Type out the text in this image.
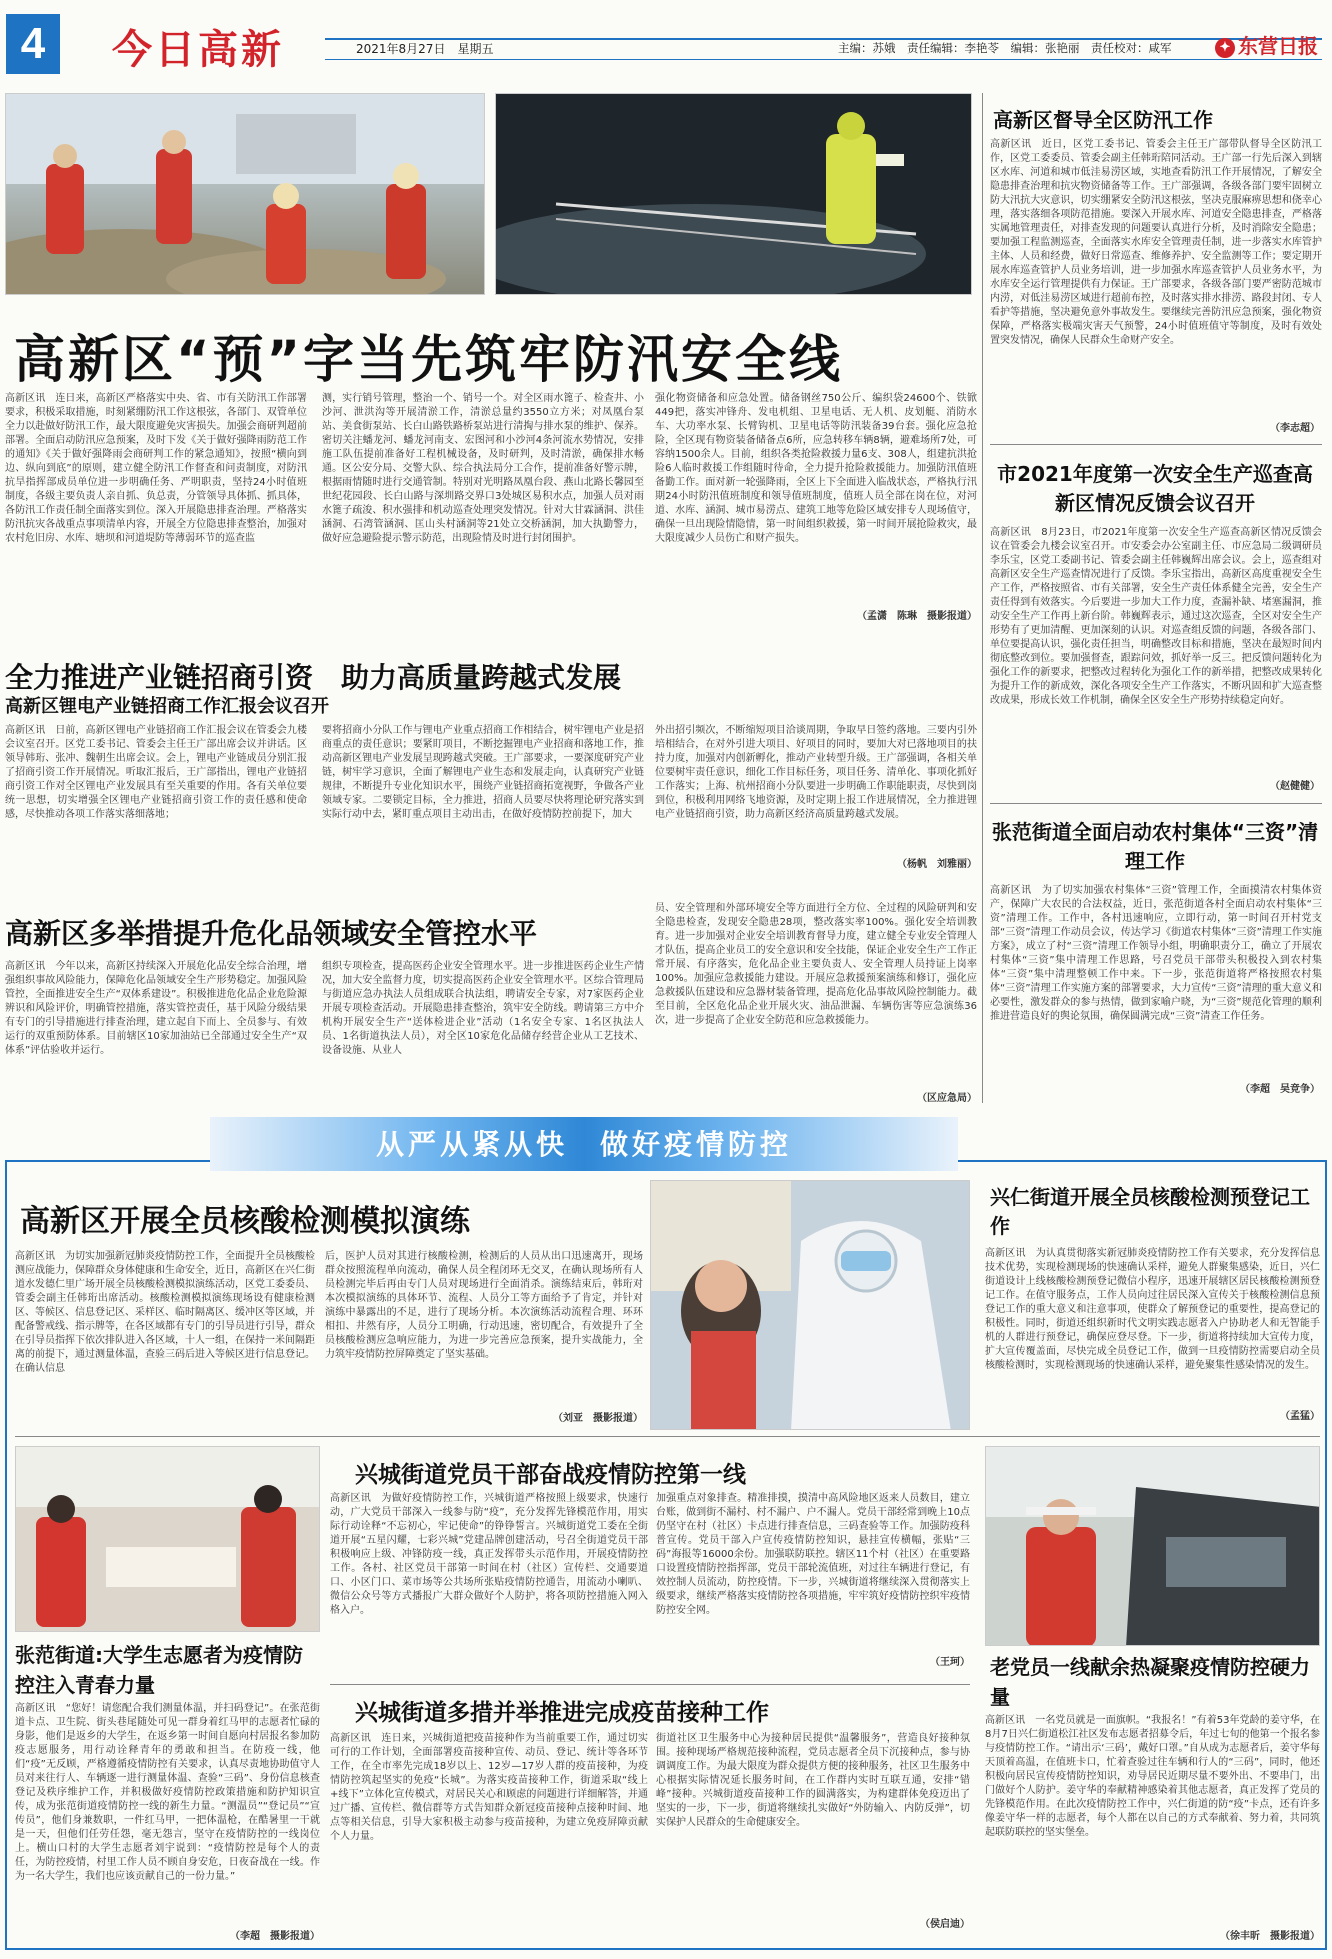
4	今日高新	2021年8月27日　星期五	主编：苏娥　责任编辑：李艳苓　编辑：张艳丽　责任校对：咸军	✦ 东营日报
高新区“预”字当先筑牢防汛安全线
高新区讯　连日来，高新区严格落实中央、省、市有关防汛工作部署要求，积极采取措施，时刻紧绷防汛工作这根弦，各部门、双管单位全力以赴做好防汛工作，最大限度避免灾害损失。加强会商研判超前部署。全面启动防汛应急预案，及时下发《关于做好强降雨防范工作的通知》《关于做好强降雨会商研判工作的紧急通知》，按照“横向到边、纵向到底”的原则，建立健全防汛工作督查和问责制度，对防汛抗旱指挥部成员单位进一步明确任务、严明职责，坚持24小时值班制度，各级主要负责人亲自抓、负总责，分管领导具体抓、抓具体，各防汛工作责任制全面落实到位。深入开展隐患排查治理。严格落实防汛抗灾各战重点事项清单内容，开展全方位隐患排查整治，加强对农村危旧房、水库、塘坝和河道堤防等薄弱环节的巡查监
测，实行销号管理，整治一个、销号一个。对全区雨水篦子、检查井、小沙河、泄洪沟等开展清淤工作，清淤总量约3550立方米；对凤凰台泵站、美食街泵站、长白山路铁路桥泵站进行清掏与排水泵的维护、保养。密切关注蟠龙河、蟠龙河南支、宏图河和小沙河4条河流水势情况，安排施工队伍提前准备好工程机械设备，及时研判，及时清淤，确保排水畅通。区公安分局、交警大队、综合执法局分工合作，提前准备好警示牌，根据雨情随时进行交通管制。特别对光明路凤凰台段、燕山北路长馨园至世纪花园段、长白山路与深圳路交界口3处城区易积水点，加强人员对雨水篦子疏浚、积水强排和机动巡查处理突发情况。针对大甘霖涵洞、洪佳涵洞、石湾管涵洞、匡山头村涵洞等21处立交桥涵洞，加大执勤警力，做好应急避险提示警示防范，出现险情及时进行封闭围护。
强化物资储备和应急处置。储备钢丝750公斤、编织袋24600个、铁锨449把，落实冲锋舟、发电机组、卫星电话、无人机、皮划艇、消防水车、大功率水泵、长臂钩机、卫星电话等防汛装备39台套。强化应急抢险，全区现有物资装备储备点6所，应急转移车辆8辆，避难场所7处，可容纳1500余人。目前，组织各类抢险救援力量6支、308人，组建抗洪抢险6人临时救援工作组随时待命，全力提升抢险救援能力。加强防汛值班备勤工作。面对新一轮强降雨，全区上下全面进入临战状态，严格执行汛期24小时防汛值班制度和领导值班制度，值班人员全部在岗在位，对河道、水库、涵洞、城市易涝点、建筑工地等危险区域安排专人现场值守，确保一旦出现险情隐情，第一时间组织救援，第一时间开展抢险救灾，最大限度减少人员伤亡和财产损失。
（孟潇　陈琳　摄影报道）
全力推进产业链招商引资　助力高质量跨越式发展
高新区锂电产业链招商工作汇报会议召开
高新区讯　日前，高新区锂电产业链招商工作汇报会议在管委会九楼会议室召开。区党工委书记、管委会主任王广部出席会议并讲话。区领导韩珩、张冲、魏朝生出席会议。会上，锂电产业链成员分别汇报了招商引资工作开展情况。听取汇报后，王广部指出，锂电产业链招商引资工作对全区锂电产业发展具有至关重要的作用。各有关单位要统一思想，切实增强全区锂电产业链招商引资工作的责任感和使命感，尽快推动各项工作落实落细落地；
要将招商小分队工作与锂电产业重点招商工作相结合，树牢锂电产业是招商重点的责任意识；要紧盯项目，不断挖掘锂电产业招商和落地工作，推动高新区锂电产业发展呈现跨越式突破。王广部要求，一要深度研究产业链，树牢学习意识，全面了解锂电产业生态和发展走向，认真研究产业链规律，不断提升专业化知识水平，围绕产业链招商拓宽视野，争做各产业领域专家。二要锁定目标，全力推进，招商人员要尽快将理论研究落实到实际行动中去，紧盯重点项目主动出击，在做好疫情防控前提下，加大
外出招引频次，不断缩短项目洽谈周期，争取早日签约落地。三要内引外培相结合，在对外引进大项目、好项目的同时，要加大对已落地项目的扶持力度，加强对内创新孵化，推动产业转型升级。王广部强调，各相关单位要树牢责任意识，细化工作目标任务，项目任务、清单化、事项化抓好工作落实；上海、杭州招商小分队要进一步明确工作职能职责，尽快到岗到位，积极利用网络飞地资源，及时定期上报工作进展情况，全力推进锂电产业链招商引资，助力高新区经济高质量跨越式发展。
（杨帆　刘雅丽）
高新区多举措提升危化品领域安全管控水平
高新区讯　今年以来，高新区持续深入开展危化品安全综合治理，增强组织事故风险能力，保障危化品领域安全生产形势稳定。加强风险管控，全面推进安全生产“双体系建设”。积极推进危化品企业危险源辨识和风险评价，明确管控措施，落实管控责任，基于风险分级结果有专门的引导措施进行排查治理，建立起自下而上、全员参与、有效运行的双重预防体系。目前辖区10家加油站已全部通过安全生产“双体系”评估验收并运行。
组织专项检查，提高医药企业安全管理水平。进一步推进医药企业生产情况，加大安全监督力度，切实提高医药企业安全管理水平。区综合管理局与街道应急办执法人员组成联合执法组，聘请安全专家，对7家医药企业开展专项检查活动。开展隐患排查整治，筑牢安全防线。聘请第三方中介机构开展安全生产“送体检进企业”活动（1名安全专家、1名区执法人员、1名街道执法人员），对全区10家危化品储存经营企业从工艺技术、设备设施、从业人
员、安全管理和外部环境安全等方面进行全方位、全过程的风险研判和安全隐患检查，发现安全隐患28项，整改落实率100%。强化安全培训教育。进一步加强对企业安全培训教育督导力度，建立健全专业安全管理人才队伍，提高企业员工的安全意识和安全技能，保证企业安全生产工作正常开展、有序落实，危化品企业主要负责人、安全管理人员持证上岗率100%。加强应急救援能力建设。开展应急救援预案演练和修订，强化应急救援队伍建设和应急器材装备管理，提高危化品事故风险控制能力。截至目前，全区危化品企业开展火灾、油品泄漏、车辆伤害等应急演练36次，进一步提高了企业安全防范和应急救援能力。
（区应急局）
高新区督导全区防汛工作
高新区讯　近日，区党工委书记、管委会主任王广部带队督导全区防汛工作，区党工委委员、管委会副主任韩珩陪同活动。王广部一行先后深入到辖区水库、河道和城市低洼易涝区域，实地查看防汛工作开展情况，了解安全隐患排查治理和抗灾物资储备等工作。王广部强调，各级各部门要牢固树立防大汛抗大灾意识，切实绷紧安全防汛这根弦，坚决克服麻痹思想和侥幸心理，落实落细各项防范措施。要深入开展水库、河道安全隐患排查，严格落实属地管理责任，对排查发现的问题要认真进行分析，及时消除安全隐患；要加强工程监测巡查，全面落实水库安全管理责任制，进一步落实水库管护主体、人员和经费，做好日常巡查、维修养护、安全监测等工作；要定期开展水库巡查管护人员业务培训，进一步加强水库巡查管护人员业务水平，为水库安全运行管理提供有力保证。王广部要求，各级各部门要严密防范城市内涝，对低洼易涝区域进行超前布控，及时落实排水排涝、路段封闭、专人看护等措施，坚决避免意外事故发生。要继续完善防汛应急预案，强化物资保障，严格落实极端灾害天气预警，24小时值班值守等制度，及时有效处置突发情况，确保人民群众生命财产安全。
（李志超）
市2021年度第一次安全生产巡查高新区情况反馈会议召开
高新区讯　8月23日，市2021年度第一次安全生产巡查高新区情况反馈会议在管委会九楼会议室召开。市安委会办公室副主任、市应急局二级调研员李乐宝，区党工委副书记、管委会副主任韩巍辉出席会议。会上，巡查组对高新区安全生产巡查情况进行了反馈。李乐宝指出，高新区高度重视安全生产工作，严格按照省、市有关部署，安全生产责任体系健全完善，安全生产责任得到有效落实。今后要进一步加大工作力度，查漏补缺、堵塞漏洞，推动安全生产工作再上新台阶。韩巍辉表示，通过这次巡查，全区对安全生产形势有了更加清醒、更加深刻的认识。对巡查组反馈的问题，各级各部门、单位要提高认识，强化责任担当，明确整改目标和措施，坚决在最短时间内彻底整改到位。要加强督查，跟踪问效，抓好举一反三。把反馈问题转化为强化工作的新要求，把整改过程转化为强化工作的新举措，把整改成果转化为提升工作的新成效，深化各项安全生产工作落实，不断巩固和扩大巡查整改成果，形成长效工作机制，确保全区安全生产形势持续稳定向好。
（赵健健）
张范街道全面启动农村集体“三资”清理工作
高新区讯　为了切实加强农村集体“三资”管理工作，全面摸清农村集体资产，保障广大农民的合法权益，近日，张范街道各村全面启动农村集体“三资”清理工作。工作中，各村迅速响应，立即行动，第一时间召开村党支部“三资”清理工作动员会议，传达学习《街道农村集体“三资”清理工作实施方案》，成立了村“三资”清理工作领导小组，明确职责分工，确立了开展农村集体“三资”集中清理工作思路，号召党员干部带头积极投入到农村集体“三资”集中清理整顿工作中来。下一步，张范街道将严格按照农村集体“三资”清理工作实施方案的部署要求，大力宣传“三资”清理的重大意义和必要性，激发群众的参与热情，做到家喻户晓，为“三资”规范化管理的顺利推进营造良好的舆论氛围，确保圆满完成“三资”清查工作任务。
（李超　吴竞争）
从严从紧从快　做好疫情防控
高新区开展全员核酸检测模拟演练
高新区讯　为切实加强新冠肺炎疫情防控工作，全面提升全员核酸检测应战能力，保障群众身体健康和生命安全，近日，高新区在兴仁街道水发德仁里广场开展全员核酸检测模拟演练活动，区党工委委员、管委会副主任韩珩出席活动。核酸检测模拟演练现场设有健康检测区、等候区、信息登记区、采样区、临时隔离区、缓冲区等区域，并配备警戒线、指示牌等，在各区域都有专门的引导员进行引导，群众在引导员指挥下依次排队进入各区域，十人一组，在保持一米间隔距离的前提下，通过测量体温，查验三码后进入等候区进行信息登记。在确认信息
后，医护人员对其进行核酸检测，检测后的人员从出口迅速离开，现场群众按照流程单向流动，确保人员全程闭环无交叉，在确认现场所有人员检测完毕后再由专门人员对现场进行全面消杀。演练结束后，韩珩对本次模拟演练的具体环节、流程、人员分工等方面给予了肯定，并针对演练中暴露出的不足，进行了现场分析。本次演练活动流程合理、环环相扣、井然有序，人员分工明确，行动迅速，密切配合，有效提升了全员核酸检测应急响应能力，为进一步完善应急预案，提升实战能力，全力筑牢疫情防控屏障奠定了坚实基础。
（刘亚　摄影报道）
兴仁街道开展全员核酸检测预登记工作
高新区讯　为认真贯彻落实新冠肺炎疫情防控工作有关要求，充分发挥信息技术优势，实现检测现场的快速确认采样，避免人群聚集感染，近日，兴仁街道设计上线核酸检测预登记微信小程序，迅速开展辖区居民核酸检测预登记工作。在值守服务点，工作人员向过往居民深入宣传关于核酸检测信息预登记工作的重大意义和注意事项，使群众了解预登记的重要性，提高登记的积极性。同时，街道还组织新时代文明实践志愿者入户协助老人和无智能手机的人群进行预登记，确保应登尽登。下一步，街道将持续加大宣传力度，扩大宣传覆盖面，尽快完成全员登记工作，做到一旦疫情防控需要启动全员核酸检测时，实现检测现场的快速确认采样，避免聚集性感染情况的发生。
（孟猛）
张范街道:大学生志愿者为疫情防控注入青春力量
高新区讯　“您好！请您配合我们测量体温，并扫码登记”。在张范街道卡点、卫生院、街头巷尾随处可见一群身着红马甲的志愿者忙碌的身影，他们是返乡的大学生，在返乡第一时间自愿向村居报名参加防疫志愿服务，用行动诠释青年的勇敢和担当。在防疫一线，他们“疫”无反顾，严格遵循疫情防控有关要求，认真尽责地协助值守人员对来往行人、车辆逐一进行测量体温、查验“三码”、身份信息核查登记及秩序维护工作，并积极做好疫情防控政策措施和防护知识宣传，成为张范街道疫情防控一线的新生力量。“测温员”“登记员”“宣传员”，他们身兼数职，一件红马甲，一把体温枪，在酷暑里一干就是一天，但他们任劳任怨，毫无怨言，坚守在疫情防控的一线岗位上。横山口村的大学生志愿者刘宇说到：“疫情防控是每个人的责任，为防控疫情，村里工作人员不顾自身安危，日夜奋战在一线。作为一名大学生，我们也应该贡献自己的一份力量。”
（李超　摄影报道）
兴城街道党员干部奋战疫情防控第一线
高新区讯　为做好疫情防控工作，兴城街道严格按照上级要求，快速行动，广大党员干部深入一线参与防“疫”，充分发挥先锋模范作用，用实际行动诠释“不忘初心，牢记使命”的铮铮誓言。兴城街道党工委在全街道开展“五星闪耀，七彩兴城”党建品牌创建活动，号召全街道党员干部积极响应上级、冲锋防疫一线，真正发挥带头示范作用，开展疫情防控工作。各村、社区党员干部第一时间在村（社区）宣传栏、交通要道口、小区门口、菜市场等公共场所张贴疫情防控通告，用流动小喇叭、微信公众号等方式播报广大群众做好个人防护，将各项防控措施入网入格入户。
加强重点对象排查。精准排摸，摸清中高风险地区返来人员数目，建立台账，做到街不漏村、村不漏户、户不漏人。党员干部经常到晚上10点仍坚守在村（社区）卡点进行排查信息，三码查验等工作。加强防疫科普宣传。党员干部入户宣传疫情防控知识，悬挂宣传横幅，张贴“三码”海报等16000余份。加强联防联控。辖区11个村（社区）在重要路口设置疫情防控指挥部，党员干部轮流值班，对过往车辆进行登记，有效控制人员流动，防控疫情。下一步，兴城街道将继续深入贯彻落实上级要求，继续严格落实疫情防控各项措施，牢牢筑好疫情防控织牢疫情防控安全网。
（王珂）
兴城街道多措并举推进完成疫苗接种工作
高新区讯　连日来，兴城街道把疫苗接种作为当前重要工作，通过切实可行的工作计划，全面部署疫苗接种宣传、动员、登记、统计等各环节工作，在全市率先完成18岁以上、12岁—17岁人群的疫苗接种，为疫情防控筑起坚实的免疫“长城”。为落实疫苗接种工作，街道采取“线上+线下”立体化宣传模式，对居民关心和顾虑的问题进行详细解答，并通过广播、宣传栏、微信群等方式告知群众新冠疫苗接种点接种时间、地点等相关信息，引导大家积极主动参与疫苗接种，为建立免疫屏障贡献个人力量。
街道社区卫生服务中心为接种居民提供“温馨服务”，营造良好接种氛围。接种现场严格规范接种流程，党员志愿者全员下沉接种点，参与协调调度工作。为最大限度为群众提供方便的接种服务，社区卫生服务中心根据实际情况延长服务时间，在工作群内实时互联互通，安排“错峰”接种。兴城街道疫苗接种工作的圆满落实，为构建群体免疫迈出了坚实的一步，下一步，街道将继续扎实做好“外防输入、内防反弹”，切实保护人民群众的生命健康安全。
（侯启迪）
老党员一线献余热凝聚疫情防控硬力量
高新区讯　一名党员就是一面旗帜。“我报名！”有着53年党龄的姜守华，在8月7日兴仁街道松江社区发布志愿者招募令后，年过七旬的他第一个报名参与疫情防控工作。“请出示‘三码’，戴好口罩。”自从成为志愿者后，姜守华每天顶着高温，在值班卡口，忙着查验过往车辆和行人的“三码”，同时，他还积极向居民宣传疫情防控知识，劝导居民近期尽量不要外出、不要串门，出门做好个人防护。姜守华的奉献精神感染着其他志愿者，真正发挥了党员的先锋模范作用。在此次疫情防控工作中，兴仁街道的防“疫”卡点，还有许多像姜守华一样的志愿者，每个人都在以自己的方式奉献着、努力着，共同筑起联防联控的坚实堡垒。
（徐丰昕　摄影报道）
